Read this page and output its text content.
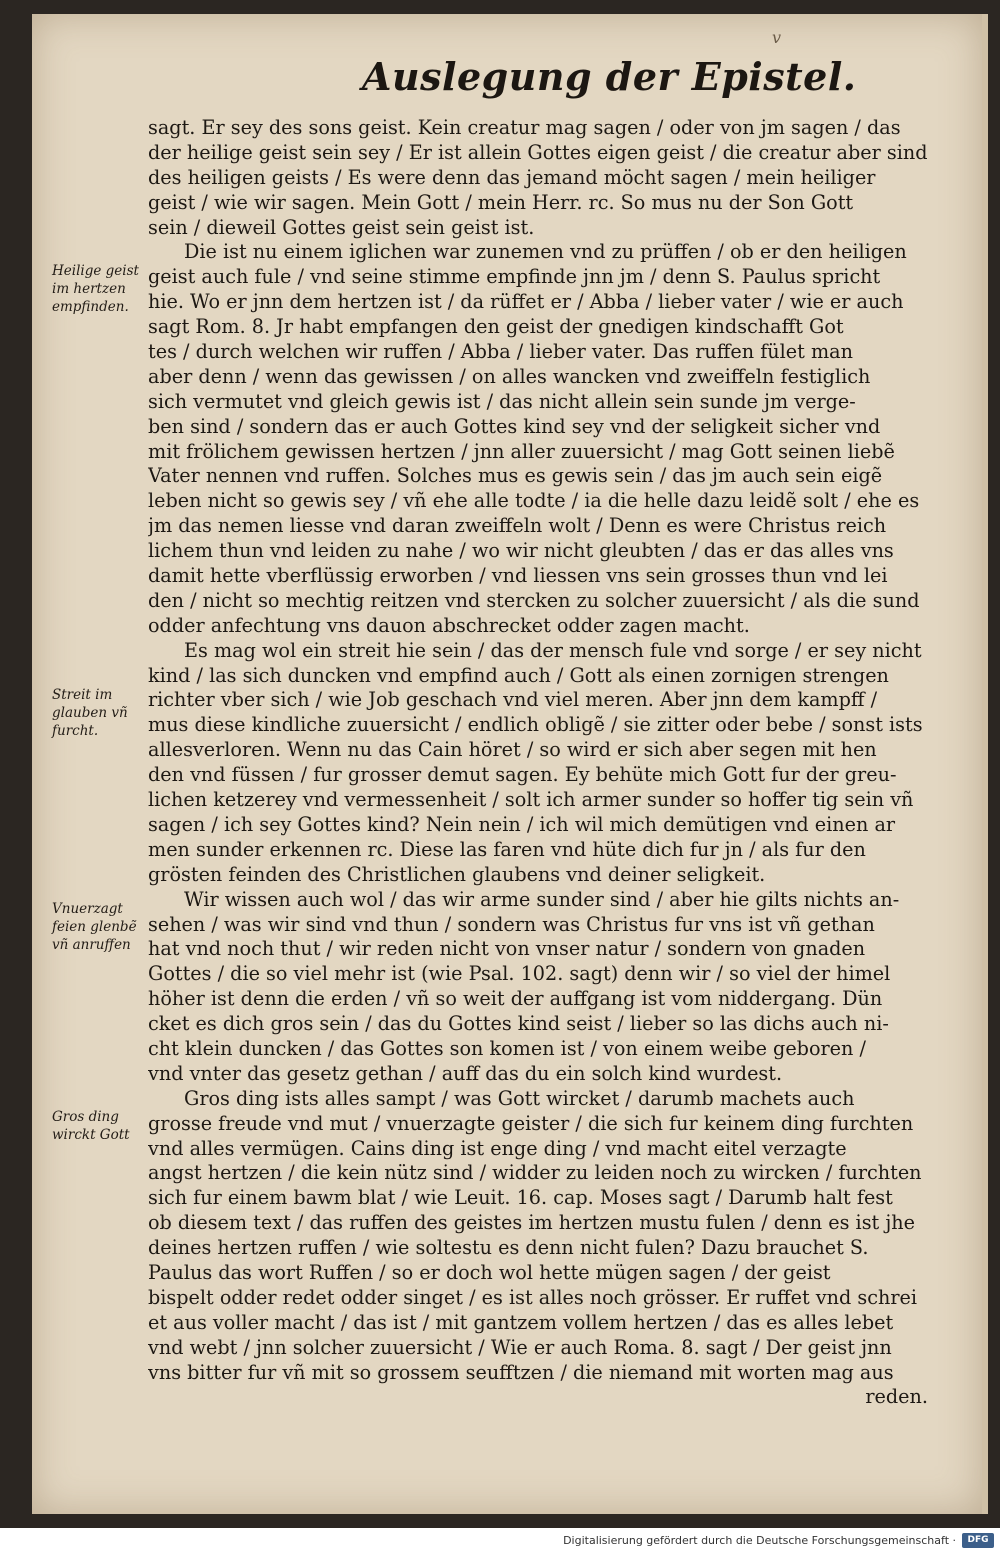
v
Auslegung der Epistel.
Heilige geist
im hertzen
empfinden.
Streit im
glauben vñ
furcht.
Vnuerzagt
feien glenbẽ
vñ anruffen
Gros ding
wirckt Gott
sagt. Er sey des sons geist. Kein creatur mag sagen / oder von jm sagen / das
der heilige geist sein sey / Er ist allein Gottes eigen geist / die creatur aber sind
des heiligen geists / Es were denn das jemand möcht sagen / mein heiliger
geist / wie wir sagen. Mein Gott / mein Herr. rc. So mus nu der Son Gott
sein / dieweil Gottes geist sein geist ist.
Die ist nu einem iglichen war zunemen vnd zu prüffen / ob er den heiligen
geist auch fule / vnd seine stimme empfinde jnn jm / denn S. Paulus spricht
hie. Wo er jnn dem hertzen ist / da rüffet er / Abba / lieber vater / wie er auch
sagt Rom. 8. Jr habt empfangen den geist der gnedigen kindschafft Got
tes / durch welchen wir ruffen / Abba / lieber vater. Das ruffen fület man
aber denn / wenn das gewissen / on alles wancken vnd zweiffeln festiglich
sich vermutet vnd gleich gewis ist / das nicht allein sein sunde jm verge-
ben sind / sondern das er auch Gottes kind sey vnd der seligkeit sicher vnd
mit frölichem gewissen hertzen / jnn aller zuuersicht / mag Gott seinen liebẽ
Vater nennen vnd ruffen. Solches mus es gewis sein / das jm auch sein eigẽ
leben nicht so gewis sey / vñ ehe alle todte / ia die helle dazu leidẽ solt / ehe es
jm das nemen liesse vnd daran zweiffeln wolt / Denn es were Christus reich
lichem thun vnd leiden zu nahe / wo wir nicht gleubten / das er das alles vns
damit hette vberflüssig erworben / vnd liessen vns sein grosses thun vnd lei
den / nicht so mechtig reitzen vnd stercken zu solcher zuuersicht / als die sund
odder anfechtung vns dauon abschrecket odder zagen macht.
Es mag wol ein streit hie sein / das der mensch fule vnd sorge / er sey nicht
kind / las sich duncken vnd empfind auch / Gott als einen zornigen strengen
richter vber sich / wie Job geschach vnd viel meren. Aber jnn dem kampff /
mus diese kindliche zuuersicht / endlich obligẽ / sie zitter oder bebe / sonst ists
allesverloren. Wenn nu das Cain höret / so wird er sich aber segen mit hen
den vnd füssen / fur grosser demut sagen. Ey behüte mich Gott fur der greu-
lichen ketzerey vnd vermessenheit / solt ich armer sunder so hoffer tig sein vñ
sagen / ich sey Gottes kind? Nein nein / ich wil mich demütigen vnd einen ar
men sunder erkennen rc. Diese las faren vnd hüte dich fur jn / als fur den
grösten feinden des Christlichen glaubens vnd deiner seligkeit.
Wir wissen auch wol / das wir arme sunder sind / aber hie gilts nichts an-
sehen / was wir sind vnd thun / sondern was Christus fur vns ist vñ gethan
hat vnd noch thut / wir reden nicht von vnser natur / sondern von gnaden
Gottes / die so viel mehr ist (wie Psal. 102. sagt) denn wir / so viel der himel
höher ist denn die erden / vñ so weit der auffgang ist vom niddergang. Dün
cket es dich gros sein / das du Gottes kind seist / lieber so las dichs auch ni-
cht klein duncken / das Gottes son komen ist / von einem weibe geboren /
vnd vnter das gesetz gethan / auff das du ein solch kind wurdest.
Gros ding ists alles sampt / was Gott wircket / darumb machets auch
grosse freude vnd mut / vnuerzagte geister / die sich fur keinem ding furchten
vnd alles vermügen. Cains ding ist enge ding / vnd macht eitel verzagte
angst hertzen / die kein nütz sind / widder zu leiden noch zu wircken / furchten
sich fur einem bawm blat / wie Leuit. 16. cap. Moses sagt / Darumb halt fest
ob diesem text / das ruffen des geistes im hertzen mustu fulen / denn es ist jhe
deines hertzen ruffen / wie soltestu es denn nicht fulen? Dazu brauchet S.
Paulus das wort Ruffen / so er doch wol hette mügen sagen / der geist
bispelt odder redet odder singet / es ist alles noch grösser. Er ruffet vnd schrei
et aus voller macht / das ist / mit gantzem vollem hertzen / das es alles lebet
vnd webt / jnn solcher zuuersicht / Wie er auch Roma. 8. sagt / Der geist jnn
vns bitter fur vñ mit so grossem seufftzen / die niemand mit worten mag aus
reden.
Digitalisierung gefördert durch die Deutsche Forschungsgemeinschaft ·	DFG
